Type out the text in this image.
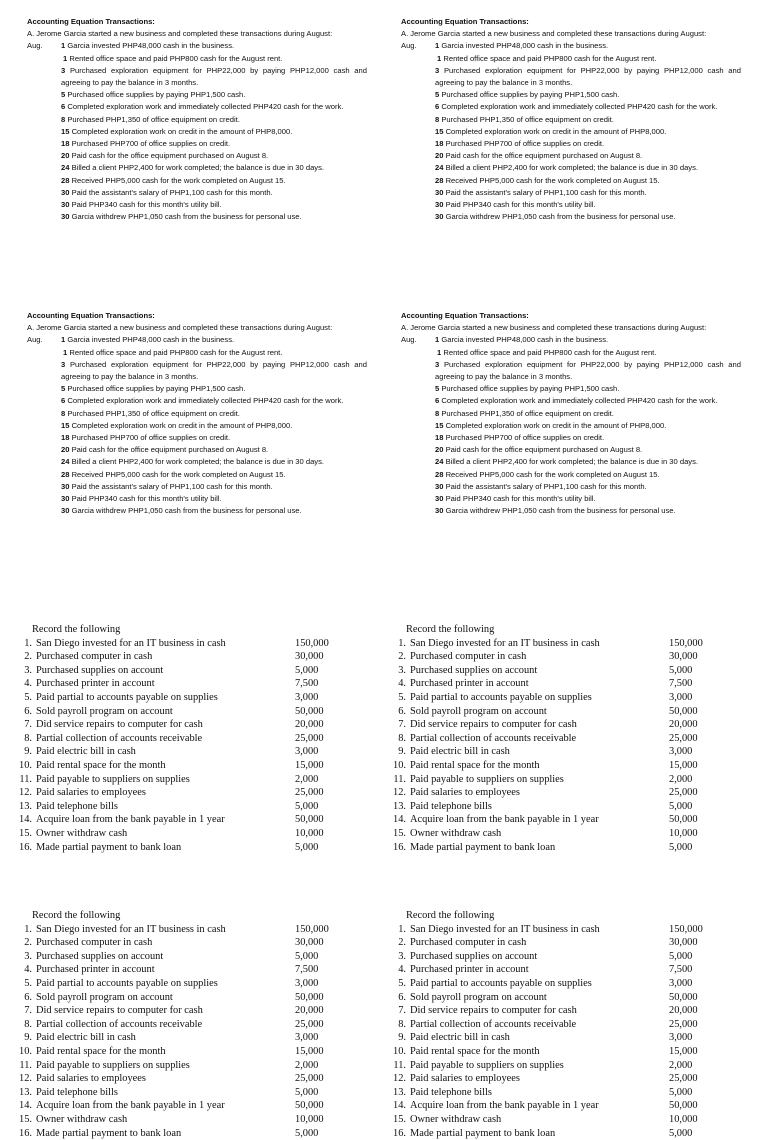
Accounting Equation Transactions:
A. Jerome Garcia started a new business and completed these transactions during August:
Aug. 1 Garcia invested PHP48,000 cash in the business.
1 Rented office space and paid PHP800 cash for the August rent.
3 Purchased exploration equipment for PHP22,000 by paying PHP12,000 cash and agreeing to pay the balance in 3 months.
5 Purchased office supplies by paying PHP1,500 cash.
6 Completed exploration work and immediately collected PHP420 cash for the work.
8 Purchased PHP1,350 of office equipment on credit.
15 Completed exploration work on credit in the amount of PHP8,000.
18 Purchased PHP700 of office supplies on credit.
20 Paid cash for the office equipment purchased on August 8.
24 Billed a client PHP2,400 for work completed; the balance is due in 30 days.
28 Received PHP5,000 cash for the work completed on August 15.
30 Paid the assistant's salary of PHP1,100 cash for this month.
30 Paid PHP340 cash for this month's utility bill.
30 Garcia withdrew PHP1,050 cash from the business for personal use.
Accounting Equation Transactions:
A. Jerome Garcia started a new business and completed these transactions during August:
Aug. 1 Garcia invested PHP48,000 cash in the business.
1 Rented office space and paid PHP800 cash for the August rent.
3 Purchased exploration equipment for PHP22,000 by paying PHP12,000 cash and agreeing to pay the balance in 3 months.
5 Purchased office supplies by paying PHP1,500 cash.
6 Completed exploration work and immediately collected PHP420 cash for the work.
8 Purchased PHP1,350 of office equipment on credit.
15 Completed exploration work on credit in the amount of PHP8,000.
18 Purchased PHP700 of office supplies on credit.
20 Paid cash for the office equipment purchased on August 8.
24 Billed a client PHP2,400 for work completed; the balance is due in 30 days.
28 Received PHP5,000 cash for the work completed on August 15.
30 Paid the assistant's salary of PHP1,100 cash for this month.
30 Paid PHP340 cash for this month's utility bill.
30 Garcia withdrew PHP1,050 cash from the business for personal use.
Accounting Equation Transactions:
A. Jerome Garcia started a new business and completed these transactions during August:
Aug. 1 Garcia invested PHP48,000 cash in the business.
1 Rented office space and paid PHP800 cash for the August rent.
3 Purchased exploration equipment for PHP22,000 by paying PHP12,000 cash and agreeing to pay the balance in 3 months.
5 Purchased office supplies by paying PHP1,500 cash.
6 Completed exploration work and immediately collected PHP420 cash for the work.
8 Purchased PHP1,350 of office equipment on credit.
15 Completed exploration work on credit in the amount of PHP8,000.
18 Purchased PHP700 of office supplies on credit.
20 Paid cash for the office equipment purchased on August 8.
24 Billed a client PHP2,400 for work completed; the balance is due in 30 days.
28 Received PHP5,000 cash for the work completed on August 15.
30 Paid the assistant's salary of PHP1,100 cash for this month.
30 Paid PHP340 cash for this month's utility bill.
30 Garcia withdrew PHP1,050 cash from the business for personal use.
Accounting Equation Transactions:
A. Jerome Garcia started a new business and completed these transactions during August:
Aug. 1 Garcia invested PHP48,000 cash in the business.
1 Rented office space and paid PHP800 cash for the August rent.
3 Purchased exploration equipment for PHP22,000 by paying PHP12,000 cash and agreeing to pay the balance in 3 months.
5 Purchased office supplies by paying PHP1,500 cash.
6 Completed exploration work and immediately collected PHP420 cash for the work.
8 Purchased PHP1,350 of office equipment on credit.
15 Completed exploration work on credit in the amount of PHP8,000.
18 Purchased PHP700 of office supplies on credit.
20 Paid cash for the office equipment purchased on August 8.
24 Billed a client PHP2,400 for work completed; the balance is due in 30 days.
28 Received PHP5,000 cash for the work completed on August 15.
30 Paid the assistant's salary of PHP1,100 cash for this month.
30 Paid PHP340 cash for this month's utility bill.
30 Garcia withdrew PHP1,050 cash from the business for personal use.
Record the following
1. San Diego invested for an IT business in cash	150,000
2. Purchased computer in cash	30,000
3. Purchased supplies on account	5,000
4. Purchased printer in account	7,500
5. Paid partial to accounts payable on supplies	3,000
6. Sold payroll program on account	50,000
7. Did service repairs to computer for cash	20,000
8. Partial collection of accounts receivable	25,000
9. Paid electric bill in cash	3,000
10. Paid rental space for the month	15,000
11. Paid payable to suppliers on supplies	2,000
12. Paid salaries to employees	25,000
13. Paid telephone bills	5,000
14. Acquire loan from the bank payable in 1 year	50,000
15. Owner withdraw cash	10,000
16. Made partial payment to bank loan	5,000
Record the following
1. San Diego invested for an IT business in cash	150,000
2. Purchased computer in cash	30,000
3. Purchased supplies on account	5,000
4. Purchased printer in account	7,500
5. Paid partial to accounts payable on supplies	3,000
6. Sold payroll program on account	50,000
7. Did service repairs to computer for cash	20,000
8. Partial collection of accounts receivable	25,000
9. Paid electric bill in cash	3,000
10. Paid rental space for the month	15,000
11. Paid payable to suppliers on supplies	2,000
12. Paid salaries to employees	25,000
13. Paid telephone bills	5,000
14. Acquire loan from the bank payable in 1 year	50,000
15. Owner withdraw cash	10,000
16. Made partial payment to bank loan	5,000
Record the following
1. San Diego invested for an IT business in cash	150,000
2. Purchased computer in cash	30,000
3. Purchased supplies on account	5,000
4. Purchased printer in account	7,500
5. Paid partial to accounts payable on supplies	3,000
6. Sold payroll program on account	50,000
7. Did service repairs to computer for cash	20,000
8. Partial collection of accounts receivable	25,000
9. Paid electric bill in cash	3,000
10. Paid rental space for the month	15,000
11. Paid payable to suppliers on supplies	2,000
12. Paid salaries to employees	25,000
13. Paid telephone bills	5,000
14. Acquire loan from the bank payable in 1 year	50,000
15. Owner withdraw cash	10,000
16. Made partial payment to bank loan	5,000
Record the following
1. San Diego invested for an IT business in cash	150,000
2. Purchased computer in cash	30,000
3. Purchased supplies on account	5,000
4. Purchased printer in account	7,500
5. Paid partial to accounts payable on supplies	3,000
6. Sold payroll program on account	50,000
7. Did service repairs to computer for cash	20,000
8. Partial collection of accounts receivable	25,000
9. Paid electric bill in cash	3,000
10. Paid rental space for the month	15,000
11. Paid payable to suppliers on supplies	2,000
12. Paid salaries to employees	25,000
13. Paid telephone bills	5,000
14. Acquire loan from the bank payable in 1 year	50,000
15. Owner withdraw cash	10,000
16. Made partial payment to bank loan	5,000
